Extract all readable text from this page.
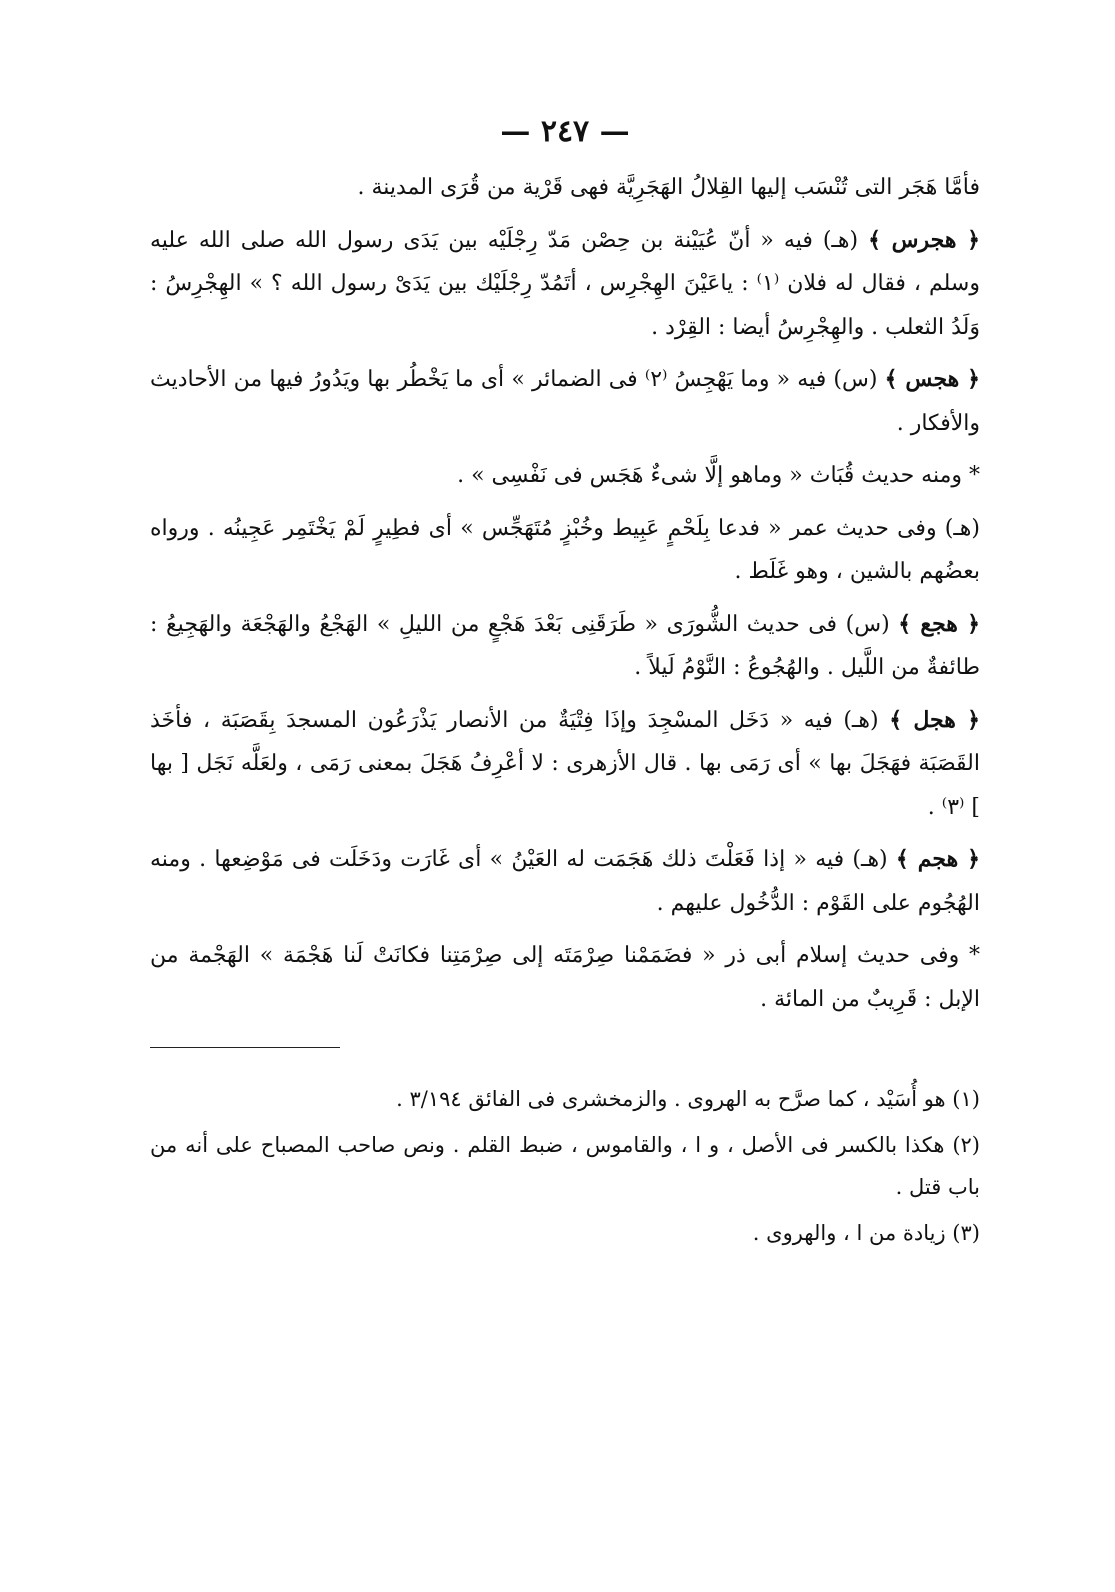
— ٢٤٧ —

فأمَّا هَجَر التى تُنْسَب إليها القِلالُ الهَجَرِيَّة فهى قَرْية من قُرَى المدينة .

﴿ هجرس ﴾ (هـ) فيه « أنّ عُيَيْنة بن حِصْن مَدّ رِجْلَيْه بين يَدَى رسول الله صلى الله عليه وسلم ، فقال له فلان ⁽١⁾ : ياعَيْنَ الهِجْرِس ، أتَمُدّ رِجْلَيْك بين يَدَىْ رسول الله ؟ » الهِجْرِسُ : وَلَدُ الثعلب . والهِجْرِسُ أيضا : القِرْد .

﴿ هجس ﴾ (س) فيه « وما يَهْجِسُ ⁽٢⁾ فى الضمائر » أى ما يَخْطُر بها ويَدُورُ فيها من الأحاديث والأفكار .

* ومنه حديث قُبَاث « وماهو إلَّا شىءٌ هَجَس فى نَفْسِى » .

(هـ) وفى حديث عمر « فدعا بِلَحْمٍ عَبِيط وخُبْزٍ مُتَهَجِّس » أى فطِيرٍ لَمْ يَخْتَمِر عَجِينُه . ورواه بعضُهم بالشين ، وهو غَلَط .

﴿ هجع ﴾ (س) فى حديث الشُّورَى « طَرَقَنِى بَعْدَ هَجْعٍ من الليلِ » الهَجْعُ والهَجْعَة والهَجِيعُ : طائفةٌ من اللَّيل . والهُجُوعُ : النَّوْمُ لَيلاً .

﴿ هجل ﴾ (هـ) فيه « دَخَل المسْجِدَ وإذَا فِتْيَةٌ من الأنصار يَذْرَعُون المسجدَ بِقَصَبَة ، فأخَذ القَصَبَة فهَجَلَ بها » أى رَمَى بها . قال الأزهرى : لا أعْرِفُ هَجَلَ بمعنى رَمَى ، ولعَلَّه نَجَل [ بها ] ⁽٣⁾ .

﴿ هجم ﴾ (هـ) فيه « إذا فَعَلْتَ ذلك هَجَمَت له العَيْنُ » أى غَارَت ودَخَلَت فى مَوْضِعها . ومنه الهُجُوم على القَوْم : الدُّخُول عليهم .

* وفى حديث إسلام أبى ذر « فضَمَمْنا صِرْمَتَه إلى صِرْمَتِنا فكانَتْ لَنا هَجْمَة » الهَجْمة من الإبل : قَرِيبٌ من المائة .

(١) هو أُسَيْد ، كما صرَّح به الهروى . والزمخشرى فى الفائق ٣/١٩٤ .

(٢) هكذا بالكسر فى الأصل ، و ا ، والقاموس ، ضبط القلم . ونص صاحب المصباح على أنه من باب قتل .

(٣) زيادة من ا ، والهروى .
